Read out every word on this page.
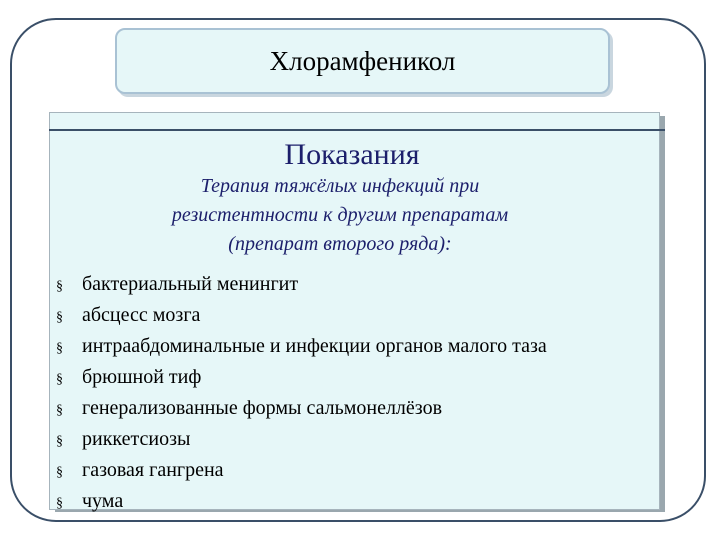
Хлорамфеникол
Показания
Терапия тяжёлых инфекций при
резистентности к другим препаратам
(препарат второго ряда):
§ бактериальный менингит
§ абсцесс мозга
§ интраабдоминальные и инфекции органов малого таза
§ брюшной тиф
§ генерализованные формы сальмонеллёзов
§ риккетсиозы
§ газовая гангрена
§ чума
